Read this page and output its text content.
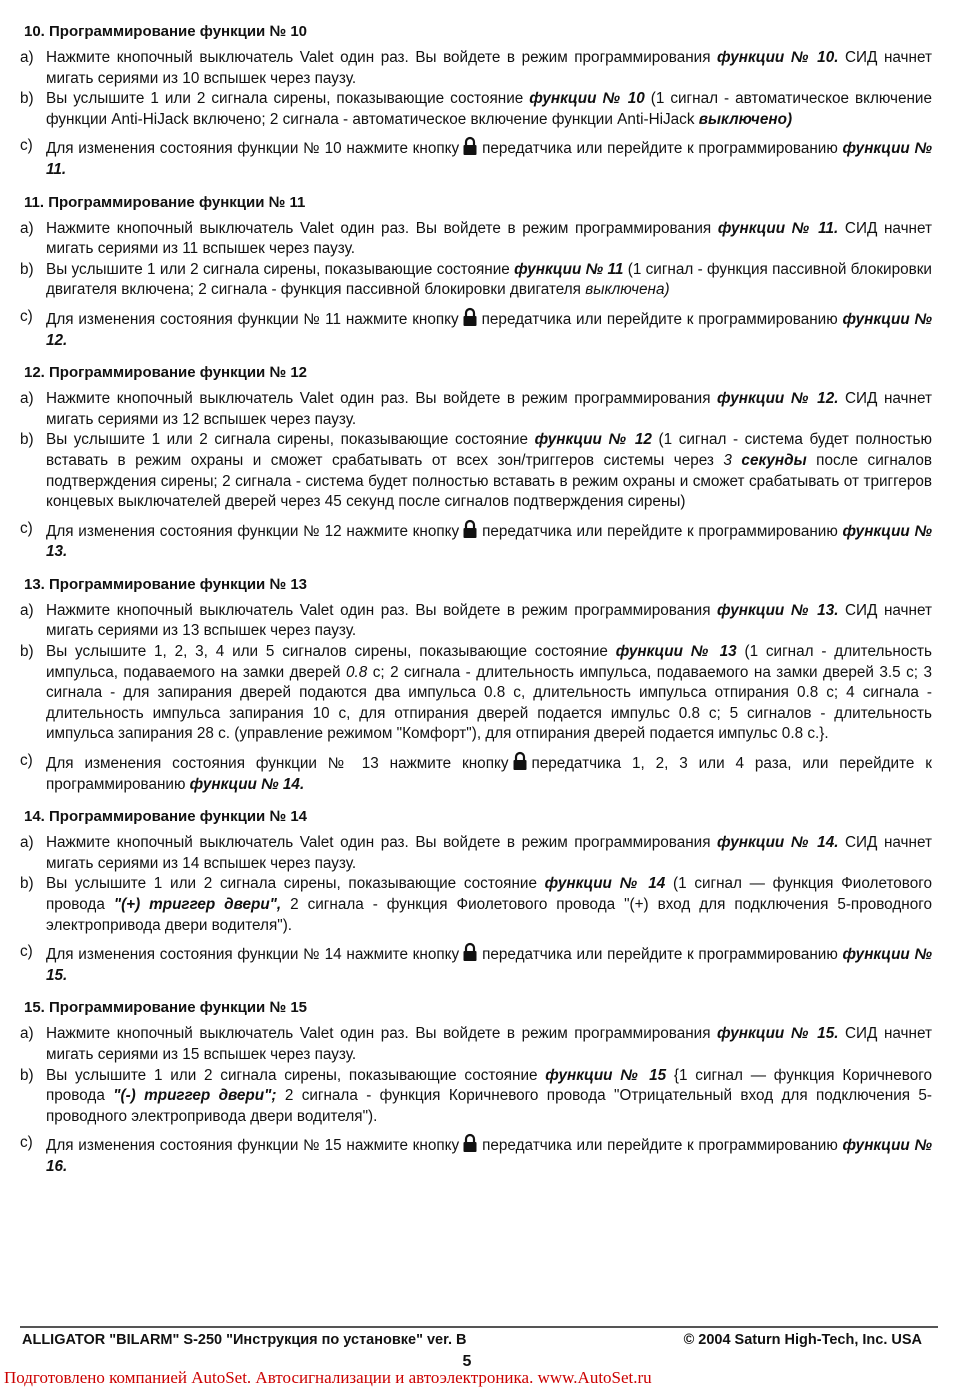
10. Программирование функции № 10
a) Нажмите кнопочный выключатель Valet один раз. Вы войдете в режим программирования функции № 10. СИД начнет мигать сериями из 10 вспышек через паузу.
b) Вы услышите 1 или 2 сигнала сирены, показывающие состояние функции № 10 (1 сигнал - автоматическое включение функции Anti-HiJack включено; 2 сигнала - автоматическое включение функции Anti-HiJack выключено)
c) Для изменения состояния функции № 10 нажмите кнопку передатчика или перейдите к программированию функции № 11.
11. Программирование функции № 11
a) Нажмите кнопочный выключатель Valet один раз. Вы войдете в режим программирования функции № 11. СИД начнет мигать сериями из 11 вспышек через паузу.
b) Вы услышите 1 или 2 сигнала сирены, показывающие состояние функции № 11 (1 сигнал - функция пассивной блокировки двигателя включена; 2 сигнала - функция пассивной блокировки двигателя выключена)
c) Для изменения состояния функции № 11 нажмите кнопку передатчика или перейдите к программированию функции № 12.
12. Программирование функции № 12
a) Нажмите кнопочный выключатель Valet один раз. Вы войдете в режим программирования функции № 12. СИД начнет мигать сериями из 12 вспышек через паузу.
b) Вы услышите 1 или 2 сигнала сирены, показывающие состояние функции № 12 (1 сигнал - система будет полностью вставать в режим охраны и сможет срабатывать от всех зон/триггеров системы через 3 секунды после сигналов подтверждения сирены; 2 сигнала - система будет полностью вставать в режим охраны и сможет срабатывать от триггеров концевых выключателей дверей через 45 секунд после сигналов подтверждения сирены)
c) Для изменения состояния функции № 12 нажмите кнопку передатчика или перейдите к программированию функции № 13.
13. Программирование функции № 13
a) Нажмите кнопочный выключатель Valet один раз. Вы войдете в режим программирования функции № 13. СИД начнет мигать сериями из 13 вспышек через паузу.
b) Вы услышите 1, 2, 3, 4 или 5 сигналов сирены, показывающие состояние функции № 13 (1 сигнал - длительность импульса, подаваемого на замки дверей 0.8 с; 2 сигнала - длительность импульса, подаваемого на замки дверей 3.5 с; 3 сигнала - для запирания дверей подаются два импульса 0.8 с, длительность импульса отпирания 0.8 с; 4 сигнала - длительность импульса запирания 10 с, для отпирания дверей подается импульс 0.8 с; 5 сигналов - длительность импульса запирания 28 с. (управление режимом "Комфорт"), для отпирания дверей подается импульс 0.8 с.}.
c) Для изменения состояния функции № 13 нажмите кнопку передатчика 1, 2, 3 или 4 раза, или перейдите к программированию функции № 14.
14. Программирование функции № 14
a) Нажмите кнопочный выключатель Valet один раз. Вы войдете в режим программирования функции № 14. СИД начнет мигать сериями из 14 вспышек через паузу.
b) Вы услышите 1 или 2 сигнала сирены, показывающие состояние функции № 14 (1 сигнал — функция Фиолетового провода "(+) триггер двери", 2 сигнала - функция Фиолетового провода "(+) вход для подключения 5-проводного электропривода двери водителя").
c) Для изменения состояния функции № 14 нажмите кнопку передатчика или перейдите к программированию функции № 15.
15. Программирование функции № 15
a) Нажмите кнопочный выключатель Valet один раз. Вы войдете в режим программирования функции № 15. СИД начнет мигать сериями из 15 вспышек через паузу.
b) Вы услышите 1 или 2 сигнала сирены, показывающие состояние функции № 15 {1 сигнал — функция Коричневого провода "(-) триггер двери"; 2 сигнала - функция Коричневого провода "Отрицательный вход для подключения 5-проводного электропривода двери водителя").
c) Для изменения состояния функции № 15 нажмите кнопку передатчика или перейдите к программированию функции № 16.
ALLIGATOR "BILARM" S-250 "Инструкция по установке" ver. B	© 2004 Saturn High-Tech, Inc. USA
5
Подготовлено компанией AutoSet. Автосигнализации и автоэлектроника. www.AutoSet.ru
